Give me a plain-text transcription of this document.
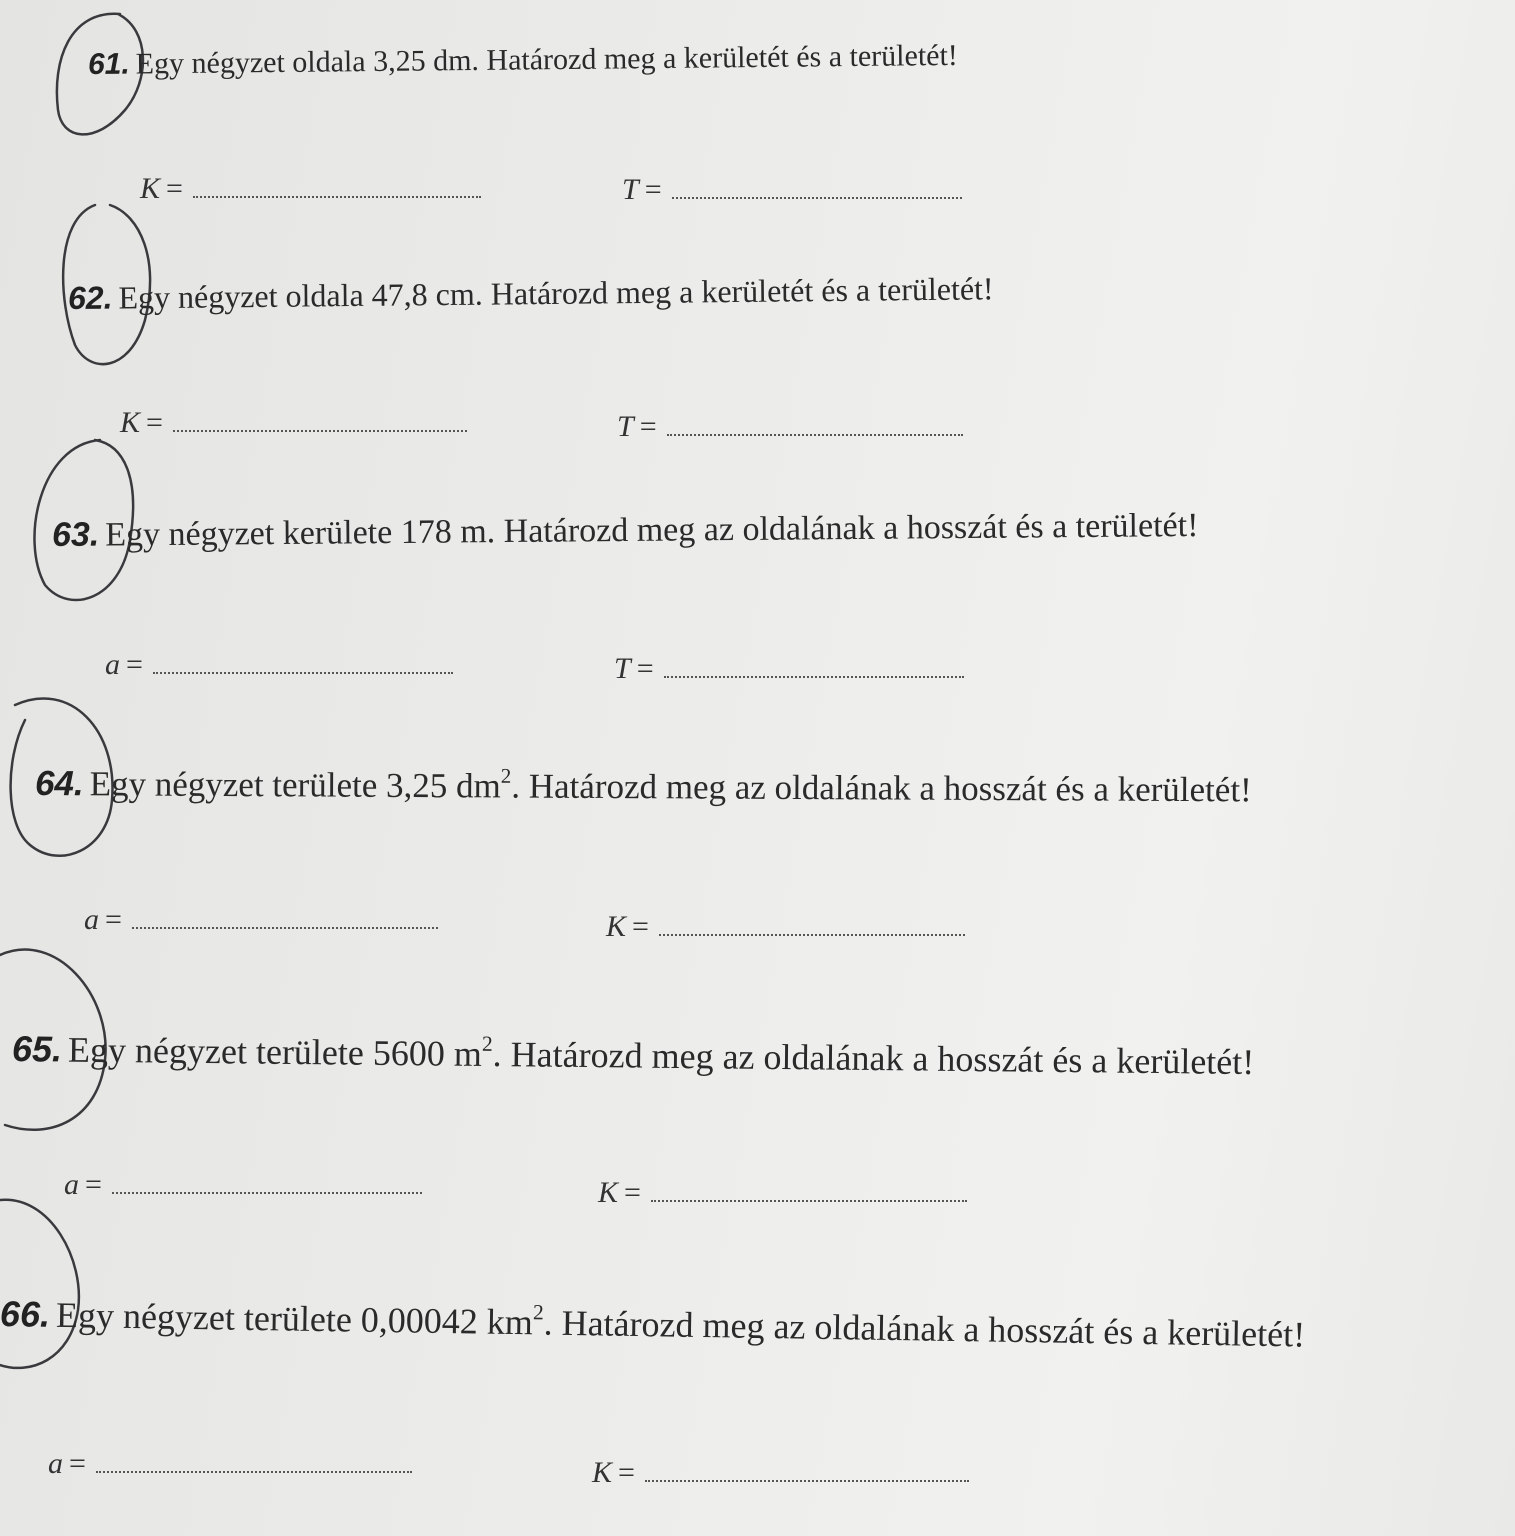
61. Egy négyzet oldala 3,25 dm. Határozd meg a kerületét és a területét!
K =	T =
62. Egy négyzet oldala 47,8 cm. Határozd meg a kerületét és a területét!
K =	T =
63. Egy négyzet kerülete 178 m. Határozd meg az oldalának a hosszát és a területét!
a =	T =
64. Egy négyzet területe 3,25 $dm^2$. Határozd meg az oldalának a hosszát és a kerületét!
a =	K =
65. Egy négyzet területe 5600 $m^2$. Határozd meg az oldalának a hosszát és a kerületét!
a =	K =
66. Egy négyzet területe 0,00042 $km^2$. Határozd meg az oldalának a hosszát és a kerületét!
a =	K =
